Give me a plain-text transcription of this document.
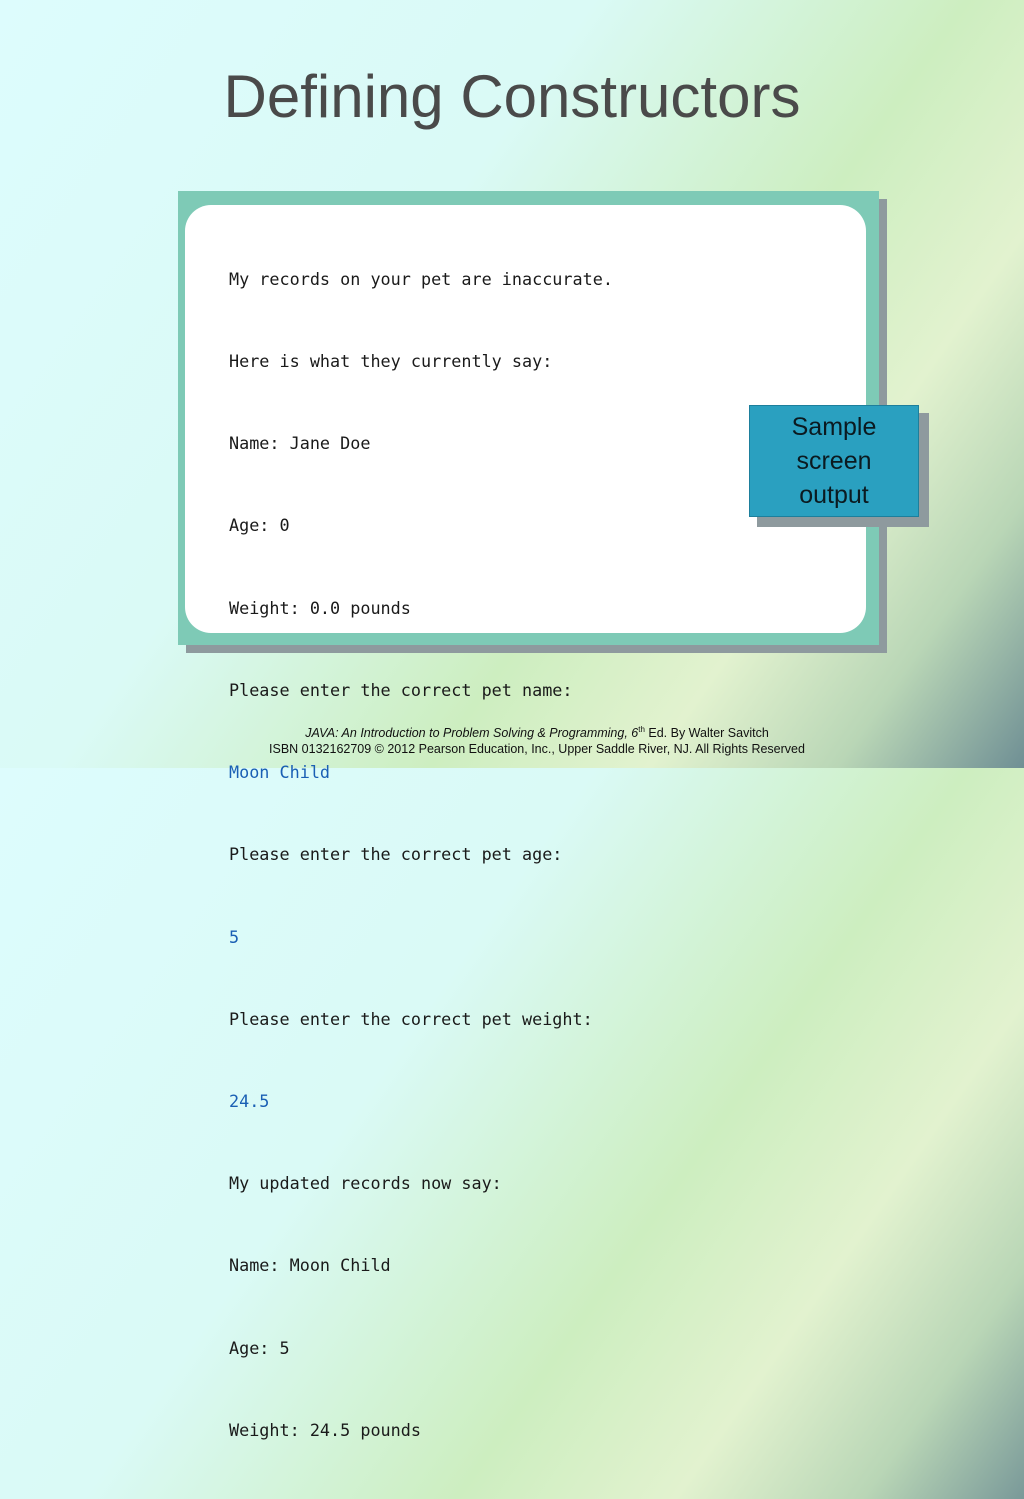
Defining Constructors

My records on your pet are inaccurate.

Here is what they currently say:

Name: Jane Doe

Age: 0

Weight: 0.0 pounds

Please enter the correct pet name:

Moon Child

Please enter the correct pet age:

5

Please enter the correct pet weight:

24.5

My updated records now say:

Name: Moon Child

Age: 5

Weight: 24.5 pounds

Sample
screen
output
JAVA: An Introduction to Problem Solving & Programming, 6th Ed. By Walter Savitch
ISBN 0132162709 © 2012 Pearson Education, Inc., Upper Saddle River, NJ. All Rights Reserved
